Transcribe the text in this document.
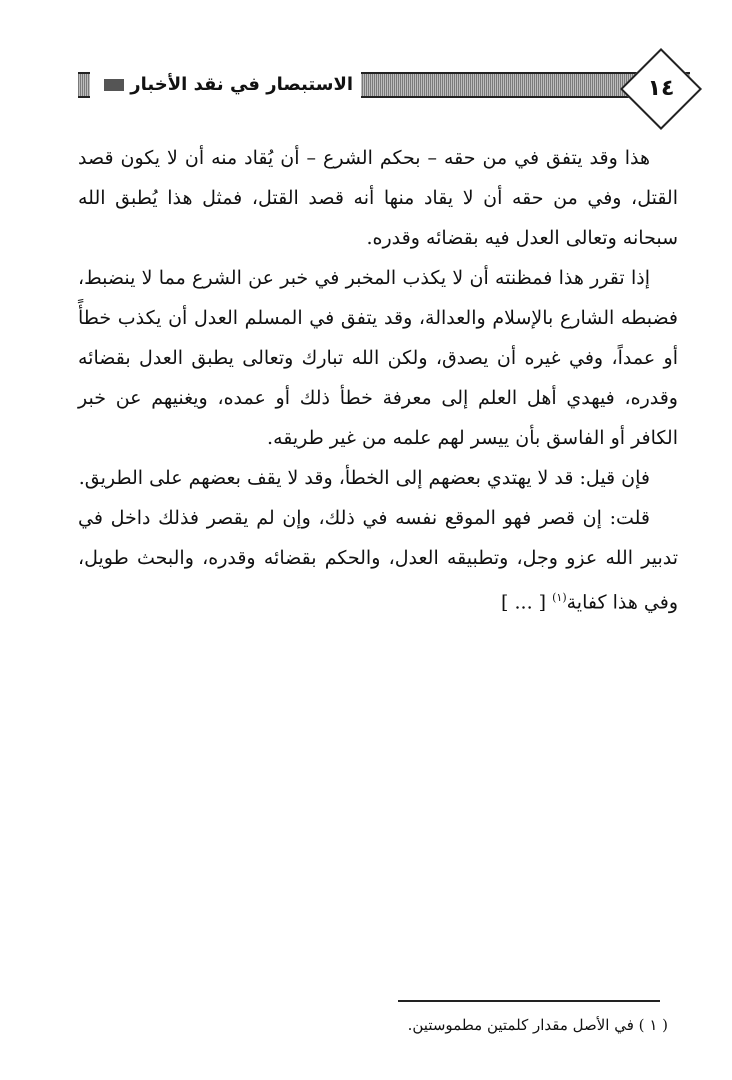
الاستبصار في نقد الأخبار	١٤

هذا وقد يتفق في من حقه – بحكم الشرع – أن يُقاد منه أن لا يكون قصد القتل، وفي من حقه أن لا يقاد منها أنه قصد القتل، فمثل هذا يُطبق الله سبحانه وتعالى العدل فيه بقضائه وقدره.

إذا تقرر هذا فمظنته أن لا يكذب المخبر في خبر عن الشرع مما لا ينضبط، فضبطه الشارع بالإسلام والعدالة، وقد يتفق في المسلم العدل أن يكذب خطأً أو عمداً، وفي غيره أن يصدق، ولكن الله تبارك وتعالى يطبق العدل بقضائه وقدره، فيهدي أهل العلم إلى معرفة خطأ ذلك أو عمده، ويغنيهم عن خبر الكافر أو الفاسق بأن ييسر لهم علمه من غير طريقه.

فإن قيل: قد لا يهتدي بعضهم إلى الخطأ، وقد لا يقف بعضهم على الطريق.

قلت: إن قصر فهو الموقع نفسه في ذلك، وإن لم يقصر فذلك داخل في تدبير الله عزو وجل، وتطبيقه العدل، والحكم بقضائه وقدره، والبحث طويل، وفي هذا كفاية$^{(١)}$ [ ... ]

( ١ ) في الأصل مقدار كلمتين مطموستين.
